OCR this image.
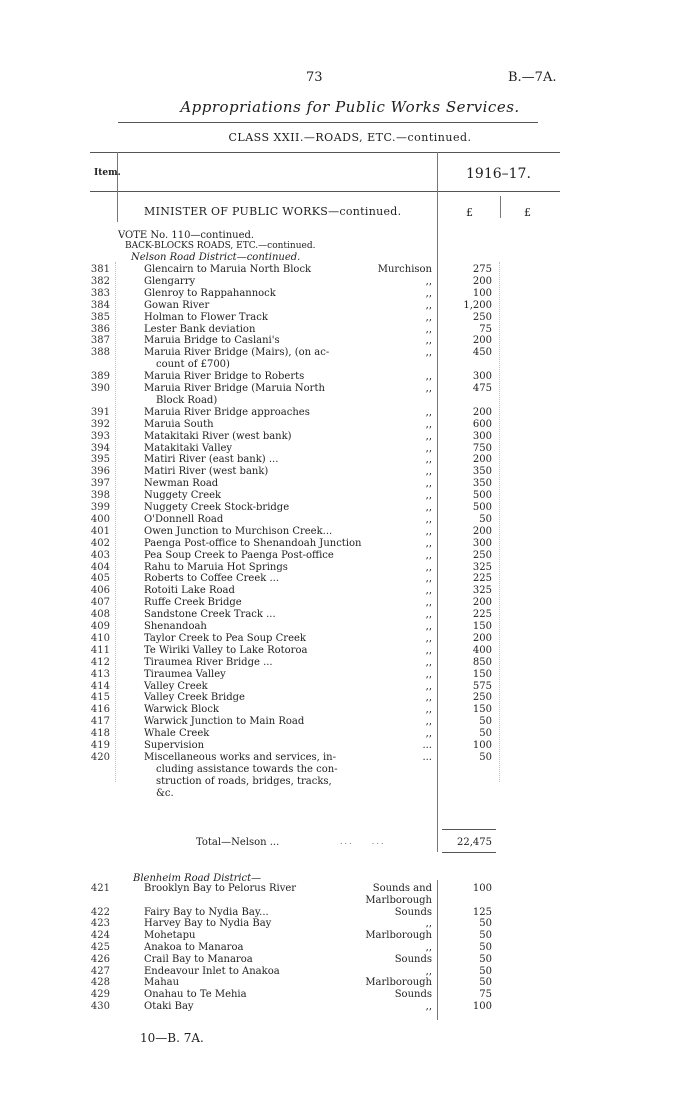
73	B.—7A.
Appropriations for Public Works Services.
CLASS XXII.—ROADS, ETC.—continued.
Item.	1916–17.
MINISTER OF PUBLIC WORKS—continued.	£	£
VOTE No. 110—continued.
BACK-BLOCKS ROADS, ETC.—continued.
Nelson Road District—continued.
381	Glencairn to Maruia North Block	Murchison	275
382	Glengarry	,,	200
383	Glenroy to Rappahannock	,,	100
384	Gowan River	,,	1,200
385	Holman to Flower Track	,,	250
386	Lester Bank deviation	,,	75
387	Maruia Bridge to Caslani's	,,	200
388	Maruia River Bridge (Mairs), (on ac-	,,	450
count of £700)
389	Maruia River Bridge to Roberts	,,	300
390	Maruia River Bridge (Maruia North	,,	475
Block Road)
391	Maruia River Bridge approaches	,,	200
392	Maruia South	,,	600
393	Matakitaki River (west bank)	,,	300
394	Matakitaki Valley	,,	750
395	Matiri River (east bank) ...	,,	200
396	Matiri River (west bank)	,,	350
397	Newman Road	,,	350
398	Nuggety Creek	,,	500
399	Nuggety Creek Stock-bridge	,,	500
400	O'Donnell Road	,,	50
401	Owen Junction to Murchison Creek...	,,	200
402	Paenga Post-office to Shenandoah Junction	,,	300
403	Pea Soup Creek to Paenga Post-office	,,	250
404	Rahu to Maruia Hot Springs	,,	325
405	Roberts to Coffee Creek ...	,,	225
406	Rotoiti Lake Road	,,	325
407	Ruffe Creek Bridge	,,	200
408	Sandstone Creek Track ...	,,	225
409	Shenandoah	,,	150
410	Taylor Creek to Pea Soup Creek	,,	200
411	Te Wiriki Valley to Lake Rotoroa	,,	400
412	Tiraumea River Bridge ...	,,	850
413	Tiraumea Valley	,,	150
414	Valley Creek	,,	575
415	Valley Creek Bridge	,,	250
416	Warwick Block	,,	150
417	Warwick Junction to Main Road	,,	50
418	Whale Creek	,,	50
419	Supervision	...	100
420	Miscellaneous works and services, in-	...	50
cluding assistance towards the con-
struction of roads, bridges, tracks,
&c.
Total—Nelson ...	...    ...	22,475
Blenheim Road District—
421	Brooklyn Bay to Pelorus River	Sounds and	100
Marlborough
422	Fairy Bay to Nydia Bay...	Sounds	125
423	Harvey Bay to Nydia Bay	,,	50
424	Mohetapu	Marlborough	50
425	Anakoa to Manaroa	,,	50
426	Crail Bay to Manaroa	Sounds	50
427	Endeavour Inlet to Anakoa	,,	50
428	Mahau	Marlborough	50
429	Onahau to Te Mehia	Sounds	75
430	Otaki Bay	,,	100
10—B. 7A.
